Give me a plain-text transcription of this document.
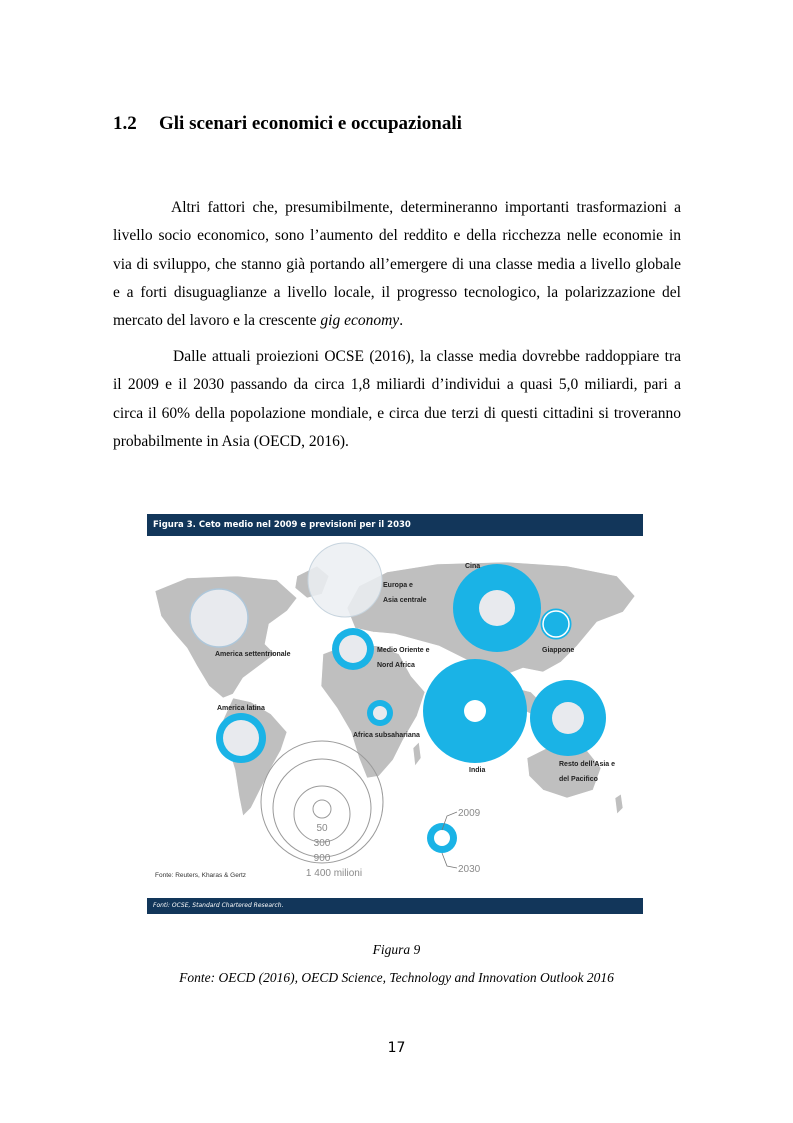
1.2 Gli scenari economici e occupazionali
Altri fattori che, presumibilmente, determineranno importanti trasformazioni a
livello socio economico, sono l’aumento del reddito e della ricchezza nelle economie in
via di sviluppo, che stanno già portando all’emergere di una classe media a livello globale
e a forti disuguaglianze a livello locale, il progresso tecnologico, la polarizzazione del
mercato del lavoro e la crescente gig economy.
Dalle attuali proiezioni OCSE (2016), la classe media dovrebbe raddoppiare tra
il 2009 e il 2030 passando da circa 1,8 miliardi d’individui a quasi 5,0 miliardi, pari a
circa il 60% della popolazione mondiale, e circa due terzi di questi cittadini si troveranno
probabilmente in Asia (OECD, 2016).
Figura 3. Ceto medio nel 2009 e previsioni per il 2030
America settentrionale
Europa e
Asia centrale
Cina
Giappone
Medio Oriente e
Nord Africa
America latina
Africa subsahariana
India
Resto dell’Asia e
del Pacifico
50
300
900
1 400 milioni
2009
2030
Fonte: Reuters, Kharas & Gertz
Fonti: OCSE, Standard Chartered Research.
Figura 9
Fonte: OECD (2016), OECD Science, Technology and Innovation Outlook 2016
17
